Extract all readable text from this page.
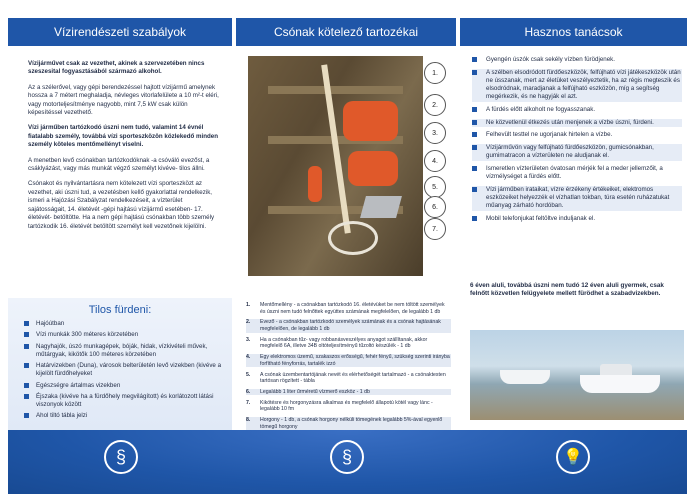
Vízirendészeti szabályok	Csónak kötelező tartozékai	Hasznos tanácsok

Vízijárművet csak az vezethet, akinek a szervezetében nincs szeszesital fogyasztásából származó alkohol.

Az a szélerővel, vagy gépi berendezéssel hajtott vízijármű amelynek hossza a 7 métert meghaladja, névleges vitorlafelülete a 10 m²-t eléri, vagy motorteljesítménye nagyobb, mint 7,5 kW csak külön képesítéssel vezethető.

Vízi járműben tartózkodó úszni nem tudó, valamint 14 évnél fiatalabb személy, továbbá vízi sporteszközön közlekedő minden személy köteles mentőmellényt viselni.

A menetben levő csónakban tartózkodóknak -a csóváló evezőst, a csáklyázást, vagy más munkát végző személyt kivéve- tilos állni.

Csónakot és nyilvántartásra nem kötelezett vízi sporteszközt az vezethet, aki úszni tud, a vezetésben kellő gyakorlattal rendelkezik, ismeri a Hajózási Szabályzat rendelkezéseit, a vízterület sajátosságait, 14. életévét -gépi hajtású vízijármű esetében- 17. életévét- betöltötte. Ha a nem gépi hajtású csónakban több személy tartózkodik 16. életévét betöltött személyt kell vezetőnek kijelölni.

Tilos fürdeni:
Hajóútban
Vízi munkák 300 méteres körzetében
Nagyhajók, úszó munkagépek, bóják, hidak, vízkivételi művek, műtárgyak, kikötők 100 méteres körzetében
Határvizekben (Duna), városok belterületén levő vizekben (kivéve a kijelölt fürdőhelyeket
Egészségre ártalmas vizekben
Éjszaka (kivéve ha a fürdőhely megvilágított) és korlátozott látási viszonyok között
Ahol tiltó tábla jelzi
1.
2.
3.
4.
5.
6.
7.
1. Mentőmellény - a csónakban tartózkodó 16. életévüket be nem töltött személyek és úszni nem tudó felnőttek együttes számának megfelelően, de legalább 1 db
2. Evező - a csónakban tartózkodó személyek számának és a csónak hajtásának megfelelően, de legalább 1 db
3. Ha a csónakban tűz- vagy robbanásveszélyes anyagot szállítanak, akkor megfelelő 6A, illetve 34B oltóteljesítményű tűzoltó készülék - 1 db
4. Egy elektromos üzemű, szakaszos erősségű, fehér fényű, szükség szerinti irányba forfítható fényforrás, tartalék izzó
5. A csónak üzembentartójának nevét és elérhetőségét tartalmazó - a csónaktesten tartósan rögzített - tábla
6. Legalább 1 liter űrméretű vízmerő eszköz - 1 db
7. Kikötésre és horgonyzásra alkalmas és megfelelő állapotú kötél vagy lánc - legalább 10 fm
8. Horgony - 1 db, a csónak horgony nélküli tömegének legalább 5%-ával egyenlő tömegű horgony
Gyengén úszók csak sekély vízben fürödjenek.
A szélben elsodródott fürdőeszközök, felfújható vízi játékeszközök után ne ússzanak, mert az életüket veszélyeztetik, ha az régis megteszik és elsodródnak, maradjanak a felfújható eszközön, míg a segítség megérkezik, és ne hagyják el azt.
A fürdés előtt alkoholt ne fogyasszanak.
Ne közvetlenül étkezés után menjenek a vízbe úszni, fürdeni.
Felhevült testtel ne ugorjanak hirtelen a vízbe.
Vízijárművön vagy felfújható fürdőeszközön, gumicsónakban, gumimatracon a vízterületen ne aludjanak el.
Ismeretlen vízterületen óvatosan mérjék fel a meder jellemzőit, a vízmélységet a fürdés előtt.
Vízi járműben irataikat, vízre érzékeny értékeiket, elektromos eszközeiket helyezzék el vízhatlan tokban, túra esetén ruházatukat műanyag zárható hordóban.
Mobil telefonjukat feltöltve induljanak el.
6 éven aluli, továbbá úszni nem tudó 12 éven aluli gyermek, csak felnőtt közvetlen felügyelete mellett fürödhet a szabadvizekben.
§	§	💡
